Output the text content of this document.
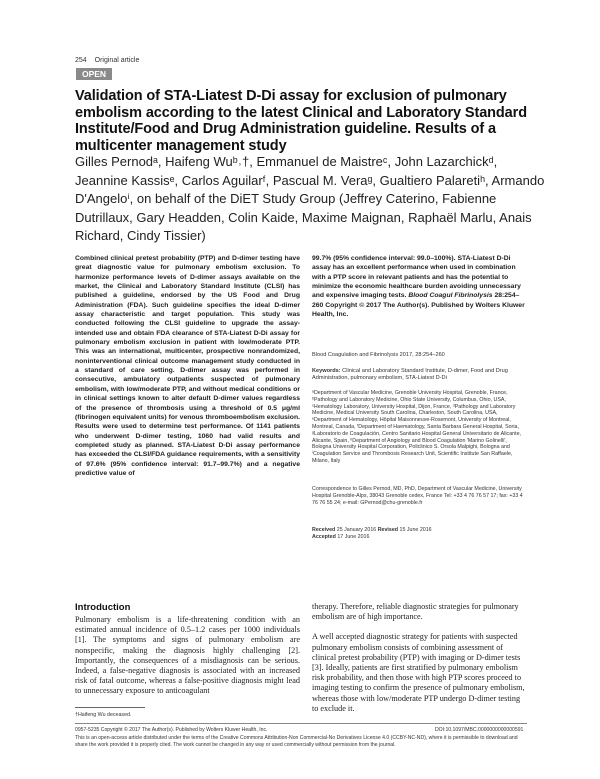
254 Original article
OPEN
Validation of STA-Liatest D-Di assay for exclusion of pulmonary embolism according to the latest Clinical and Laboratory Standard Institute/Food and Drug Administration guideline. Results of a multicenter management study
Gilles Pernodᵃ, Haifeng Wuᵇ˒†, Emmanuel de Maistreᶜ, John Lazarchickᵈ, Jeannine Kassisᵉ, Carlos Aguilarᶠ, Pascual M. Veraᵍ, Gualtiero Palaretiʰ, Armando D'Angeloⁱ, on behalf of the DiET Study Group (Jeffrey Caterino, Fabienne Dutrillaux, Gary Headden, Colin Kaide, Maxime Maignan, Raphaël Marlu, Anais Richard, Cindy Tissier)
Combined clinical pretest probability (PTP) and D-dimer testing have great diagnostic value for pulmonary embolism exclusion. To harmonize performance levels of D-dimer assays available on the market, the Clinical and Laboratory Standard Institute (CLSI) has published a guideline, endorsed by the US Food and Drug Administration (FDA). Such guideline specifies the ideal D-dimer assay characteristic and target population. This study was conducted following the CLSI guideline to upgrade the assay-intended use and obtain FDA clearance of STA-Liatest D-Di assay for pulmonary embolism exclusion in patient with low/moderate PTP. This was an international, multicenter, prospective nonrandomized, noninterventional clinical outcome management study conducted in a standard of care setting. D-dimer assay was performed in consecutive, ambulatory outpatients suspected of pulmonary embolism, with low/moderate PTP, and without medical conditions or in clinical settings known to alter default D-dimer values regardless of the presence of thrombosis using a threshold of 0.5 μg/ml (fibrinogen equivalent units) for venous thromboembolism exclusion. Results were used to determine test performance. Of 1141 patients who underwent D-dimer testing, 1060 had valid results and completed study as planned. STA-Liatest D-Di assay performance has exceeded the CLSI/FDA guidance requirements, with a sensitivity of 97.6% (95% confidence interval: 91.7–99.7%) and a negative predictive value of
99.7% (95% confidence interval: 99.0–100%). STA-Liatest D-Di assay has an excellent performance when used in combination with a PTP score in relevant patients and has the potential to minimize the economic healthcare burden avoiding unnecessary and expensive imaging tests. Blood Coagul Fibrinolysis 28:254–260 Copyright © 2017 The Author(s). Published by Wolters Kluwer Health, Inc.
Blood Coagulation and Fibrinolysis 2017, 28:254–260
Keywords: Clinical and Laboratory Standard Institute, D-dimer, Food and Drug Administration, pulmonary embolism, STA-Liatest D-Di
ᵃDepartment of Vascular Medicine, Grenoble University Hospital, Grenoble, France, ᵇPathology and Laboratory Medicine, Ohio State University, Columbus, Ohio, USA, ᶜHematology Laboratory, University Hospital, Dijon, France, ᵈPathology and Laboratory Medicine, Medical University South Carolina, Charleston, South Carolina, USA, ᵉDepartment of Hematology, Hôpital Maisonneuve-Rosemont, University of Montreal, Montreal, Canada, ᶠDepartment of Haematology, Santa Barbara General Hospital, Soria, ᵍLaboratorio de Coagulación, Centro Sanitario Hospital General Universitario de Alicante, Alicante, Spain, ʰDepartment of Angiology and Blood Coagulation 'Marino Golinelli', Bologna University Hospital Corporation, Policlinico S. Orsola Malpighi, Bologna and ⁱCoagulation Service and Thrombosis Research Unit, Scientific Institute San Raffaele, Milano, Italy
Correspondence to Gilles Pernod, MD, PhD, Department of Vascular Medicine, University Hospital Grenoble-Alps, 38043 Grenoble cedex, France Tel: +33 4 76 76 57 17; fax: +33 4 76 76 55 24; e-mail: GPernod@chu-grenoble.fr
Received 25 January 2016 Revised 15 June 2016
Accepted 17 June 2016
Introduction
Pulmonary embolism is a life-threatening condition with an estimated annual incidence of 0.5–1.2 cases per 1000 individuals [1]. The symptoms and signs of pulmonary embolism are nonspecific, making the diagnosis highly challenging [2]. Importantly, the consequences of a misdiagnosis can be serious. Indeed, a false-negative diagnosis is associated with an increased risk of fatal outcome, whereas a false-positive diagnosis might lead to unnecessary exposure to anticoagulant

therapy. Therefore, reliable diagnostic strategies for pulmonary embolism are of high importance.

A well accepted diagnostic strategy for patients with suspected pulmonary embolism consists of combining assessment of clinical pretest probability (PTP) with imaging or D-dimer tests [3]. Ideally, patients are first stratified by pulmonary embolism risk probability, and then those with high PTP scores proceed to imaging testing to confirm the presence of pulmonary embolism, whereas those with low/moderate PTP undergo D-dimer testing to exclude it.

†Haifeng Wu deceased.
0957-5235 Copyright © 2017 The Author(s). Published by Wolters Kluwer Health, Inc.	DOI:10.1097/MBC.0000000000000591
This is an open-access article distributed under the terms of the Creative Commons Attribution-Non Commercial-No Derivatives License 4.0 (CCBY-NC-ND), where it is permissible to download and share the work provided it is properly cited. The work cannot be changed in any way or used commercially without permission from the journal.
